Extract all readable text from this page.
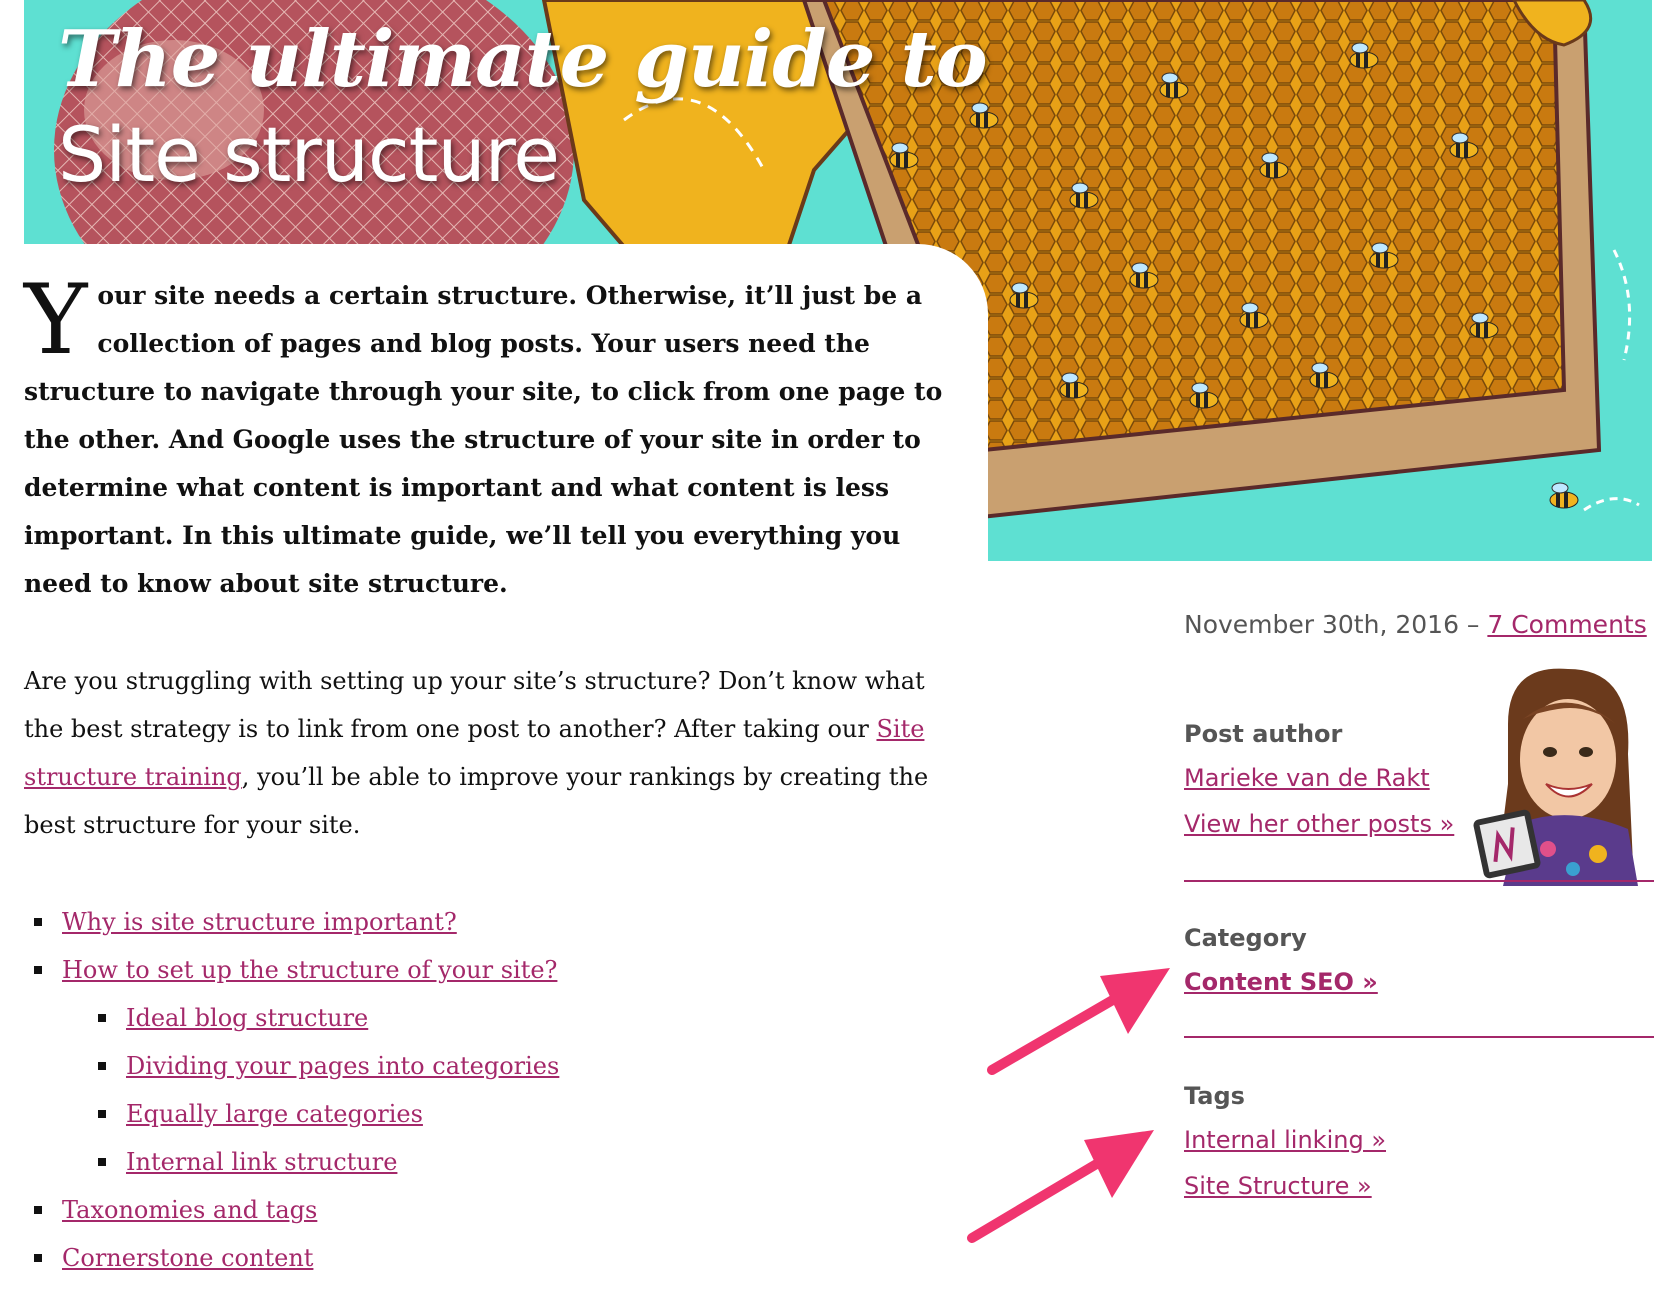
The ultimate guide to
Site structure

Your site needs a certain structure. Otherwise, it’ll just be a collection of pages and blog posts. Your users need the structure to navigate through your site, to click from one page to the other. And Google uses the structure of your site in order to determine what content is important and what content is less important. In this ultimate guide, we’ll tell you everything you need to know about site structure.

Are you struggling with setting up your site’s structure? Don’t know what the best strategy is to link from one post to another? After taking our Site structure training, you’ll be able to improve your rankings by creating the best structure for your site.

Why is site structure important?
How to set up the structure of your site?
Ideal blog structure
Dividing your pages into categories
Equally large categories
Internal link structure
Taxonomies and tags
Cornerstone content
November 30th, 2016 – 7 Comments
Post author
Marieke van de Rakt
View her other posts »
Category
Content SEO »
Tags
Internal linking »
Site Structure »
